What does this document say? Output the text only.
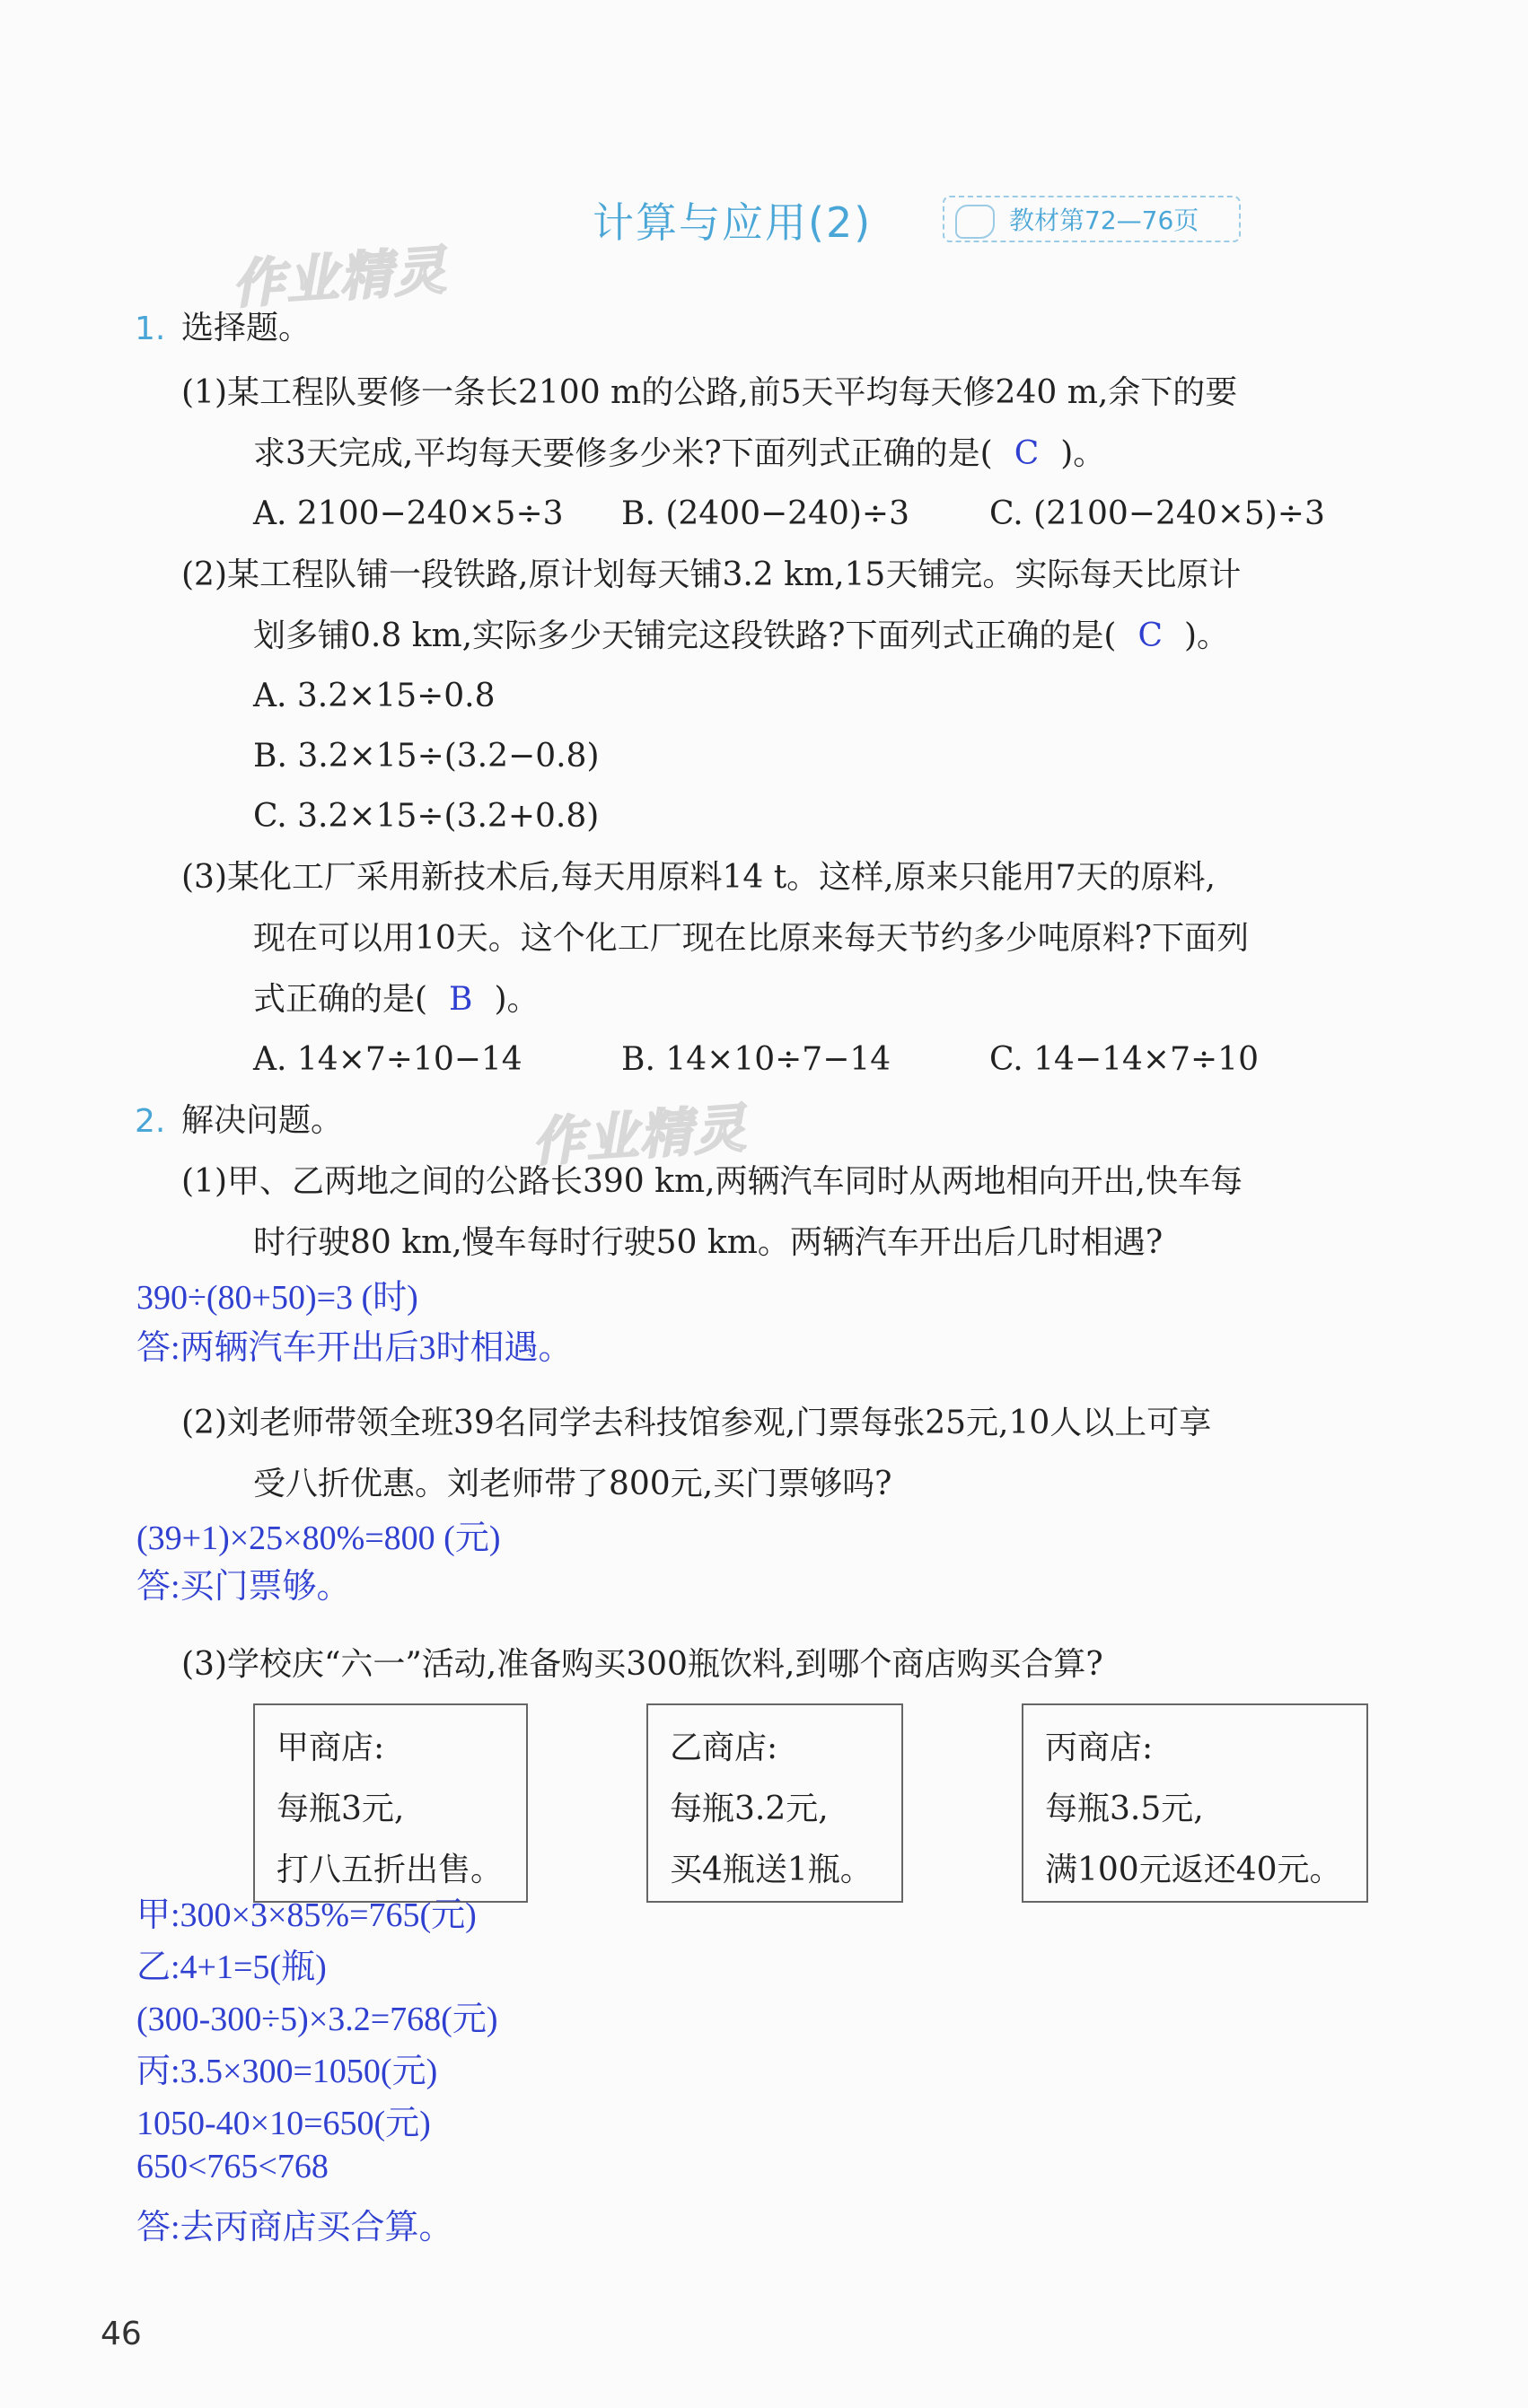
计算与应用(2)	教材第72—76页
作业精灵
作业精灵
1. 选择题。
(1)某工程队要修一条长2100 m的公路,前5天平均每天修240 m,余下的要
求3天完成,平均每天要修多少米?下面列式正确的是( C )。
A. 2100−240×5÷3 B. (2400−240)÷3 C. (2100−240×5)÷3
(2)某工程队铺一段铁路,原计划每天铺3.2 km,15天铺完。实际每天比原计
划多铺0.8 km,实际多少天铺完这段铁路?下面列式正确的是( C )。
A. 3.2×15÷0.8
B. 3.2×15÷(3.2−0.8)
C. 3.2×15÷(3.2+0.8)
(3)某化工厂采用新技术后,每天用原料14 t。这样,原来只能用7天的原料,
现在可以用10天。这个化工厂现在比原来每天节约多少吨原料?下面列
式正确的是( B )。
A. 14×7÷10−14	B. 14×10÷7−14	C. 14−14×7÷10
2. 解决问题。
(1)甲、乙两地之间的公路长390 km,两辆汽车同时从两地相向开出,快车每
时行驶80 km,慢车每时行驶50 km。两辆汽车开出后几时相遇?
390÷(80+50)=3 (时)
答:两辆汽车开出后3时相遇。
(2)刘老师带领全班39名同学去科技馆参观,门票每张25元,10人以上可享
受八折优惠。刘老师带了800元,买门票够吗?
(39+1)×25×80%=800 (元)
答:买门票够。
(3)学校庆“六一”活动,准备购买300瓶饮料,到哪个商店购买合算?
甲商店:
每瓶3元,
打八五折出售。
乙商店:
每瓶3.2元,
买4瓶送1瓶。
丙商店:
每瓶3.5元,
满100元返还40元。
甲:300×3×85%=765(元)
乙:4+1=5(瓶)
(300-300÷5)×3.2=768(元)
丙:3.5×300=1050(元)
1050-40×10=650(元)
650<765<768
答:去丙商店买合算。
46
